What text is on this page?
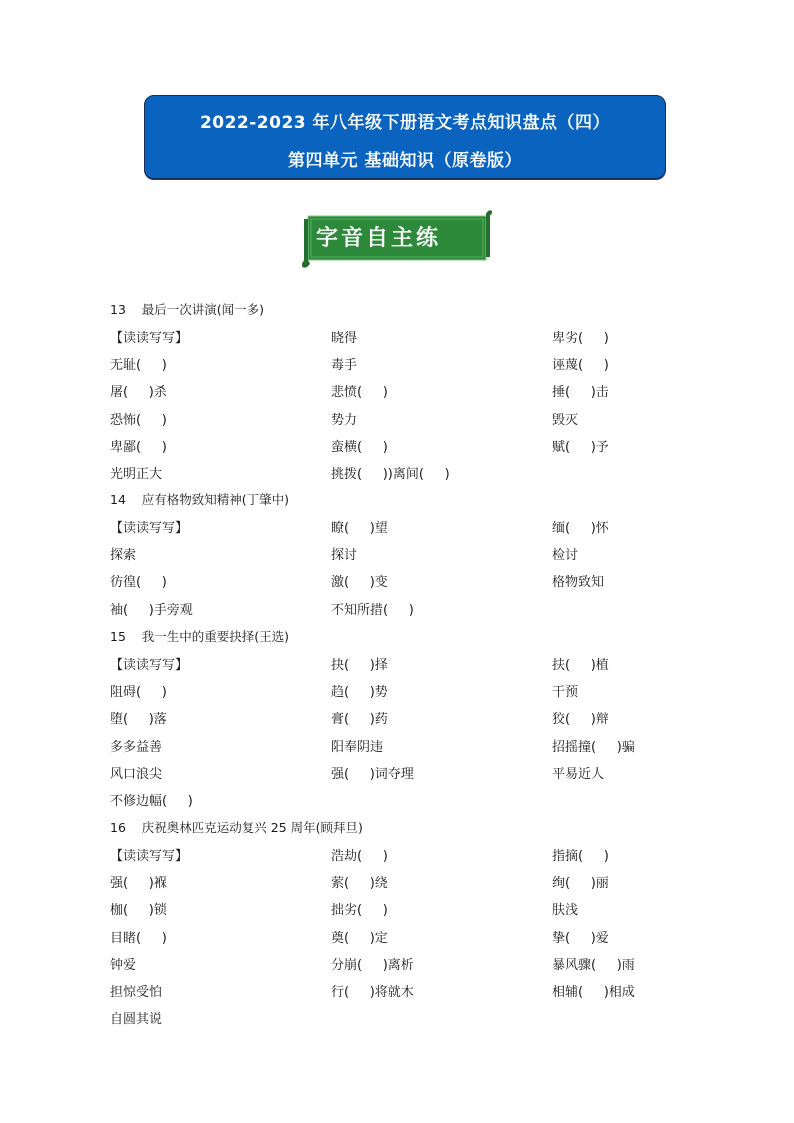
2022-2023 年八年级下册语文考点知识盘点（四）
第四单元 基础知识（原卷版）
字音自主练
13    最后一次讲演(闻一多)
【读读写写】	晓得	卑劣(     )
无耻(     )	毒手	诬蔑(     )
屠(     )杀	悲愤(     )	捶(     )击
恐怖(     )	势力	毁灭
卑鄙(     )	蛮横(     )	赋(     )予
光明正大	挑拨(     ))离间(     )
14    应有格物致知精神(丁肇中)
【读读写写】	瞭(     )望	缅(     )怀
探索	探讨	检讨
彷徨(     )	激(     )变	格物致知
袖(     )手旁观	不知所措(     )
15    我一生中的重要抉择(王选)
【读读写写】	抉(     )择	扶(     )植
阻碍(     )	趋(     )势	干预
堕(     )落	膏(     )药	狡(     )辩
多多益善	阳奉阴违	招摇撞(     )骗
风口浪尖	强(     )词夺理	平易近人
不修边幅(     )
16    庆祝奥林匹克运动复兴 25 周年(顾拜旦)
【读读写写】	浩劫(     )	指摘(     )
强(     )褓	萦(     )绕	绚(     )丽
枷(     )锁	拙劣(     )	肤浅
目睹(     )	奠(     )定	挚(     )爱
钟爱	分崩(     )离析	暴风骤(     )雨
担惊受怕	行(     )将就木	相辅(     )相成
自圆其说
